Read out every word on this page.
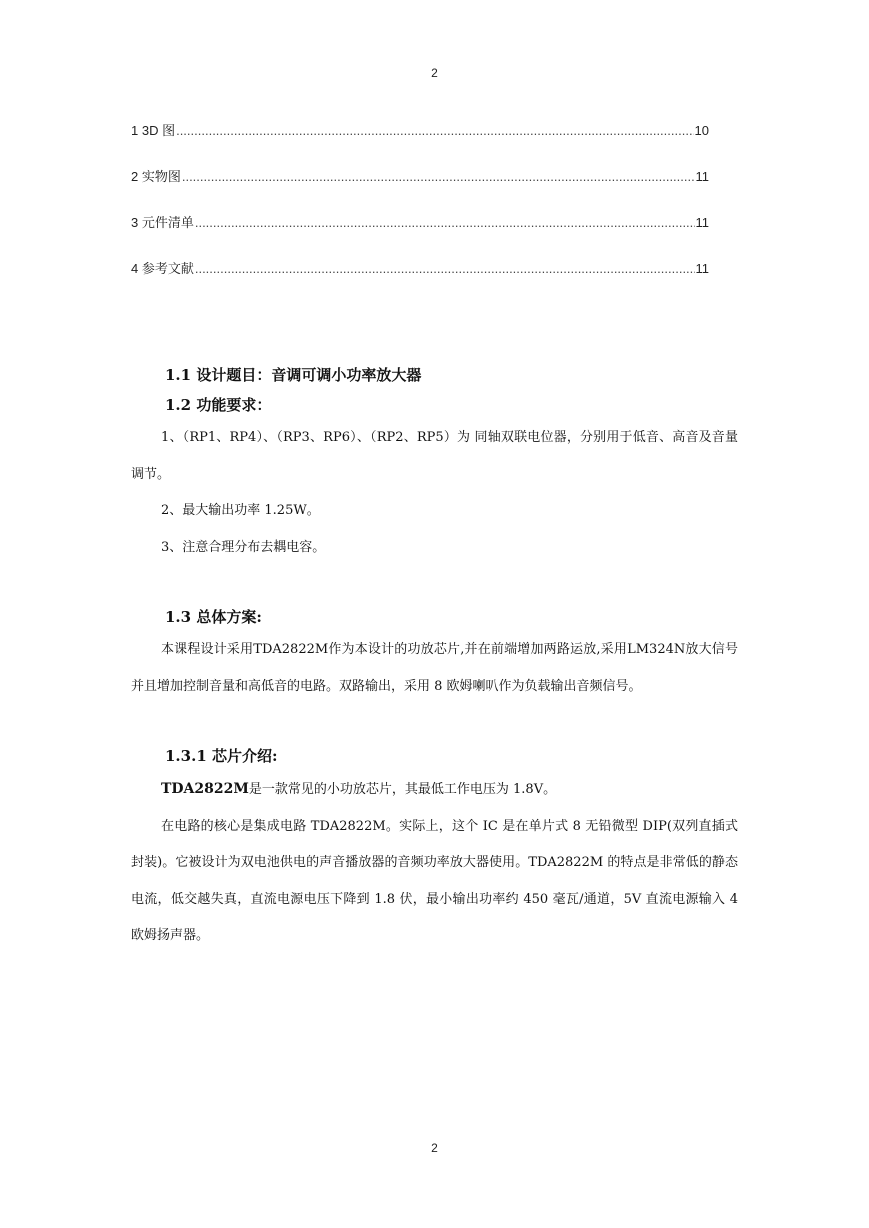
2
1 3D 图 .....	10
2 实物图 .....	11
3 元件清单 .....	11
4 参考文献 .....	11
1.1 设计题目：音调可调小功率放大器
1.2 功能要求：

1、（RP1、RP4）、（RP3、RP6）、（RP2、RP5）为 同轴双联电位器，分别用于低音、高音及音量调节。

2、最大输出功率 1.25W。

3、注意合理分布去耦电容。

1.3 总体方案:

本课程设计采用TDA2822M作为本设计的功放芯片,并在前端增加两路运放,采用LM324N放大信号并且增加控制音量和高低音的电路。双路输出，采用 8 欧姆喇叭作为负载输出音频信号。

1.3.1 芯片介绍:

TDA2822M是一款常见的小功放芯片，其最低工作电压为 1.8V。

在电路的核心是集成电路 TDA2822M。实际上，这个 IC 是在单片式 8 无铅微型 DIP(双列直插式封装)。它被设计为双电池供电的声音播放器的音频功率放大器使用。TDA2822M 的特点是非常低的静态电流，低交越失真，直流电源电压下降到 1.8 伏，最小输出功率约 450 毫瓦/通道，5V 直流电源输入 4 欧姆扬声器。

2
